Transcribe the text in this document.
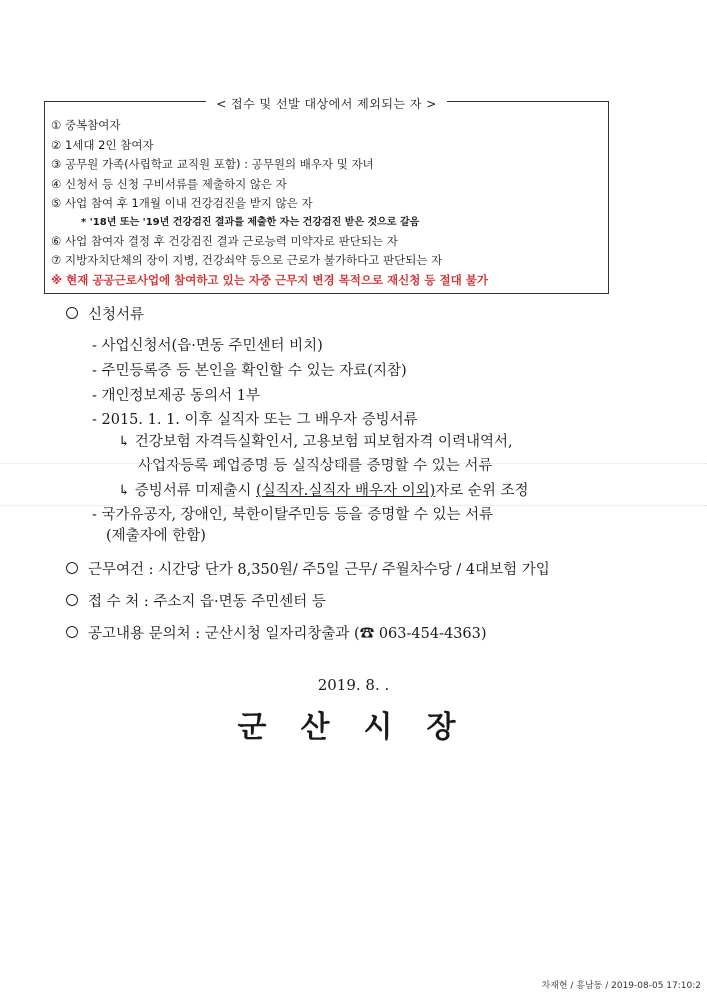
< 접수 및 선발 대상에서 제외되는 자 >
① 중복참여자
② 1세대 2인 참여자
③ 공무원 가족(사립학교 교직원 포함) : 공무원의 배우자 및 자녀
④ 신청서 등 신청 구비서류를 제출하지 않은 자
⑤ 사업 참여 후 1개월 이내 건강검진을 받지 않은 자
* '18년 또는 '19년 건강검진 결과를 제출한 자는 건강검진 받은 것으로 갈음
⑥ 사업 참여자 결정 후 건강검진 결과 근로능력 미약자로 판단되는 자
⑦ 지방자치단체의 장이 지병, 건강쇠약 등으로 근로가 불가하다고 판단되는 자
※ 현재 공공근로사업에 참여하고 있는 자중 근무지 변경 목적으로 재신청 등 절대 불가
신청서류
- 사업신청서(읍·면동 주민센터 비치)
- 주민등록증 등 본인을 확인할 수 있는 자료(지참)
- 개인정보제공 동의서 1부
- 2015. 1. 1. 이후 실직자 또는 그 배우자 증빙서류
↳ 건강보험 자격득실확인서, 고용보험 피보험자격 이력내역서,
사업자등록 폐업증명 등 실직상태를 증명할 수 있는 서류
↳ 증빙서류 미제출시 (실직자.실직자 배우자 이외)자로 순위 조정
- 국가유공자, 장애인, 북한이탈주민등 등을 증명할 수 있는 서류
(제출자에 한함)
근무여건 : 시간당 단가 8,350원/ 주5일 근무/ 주월차수당 / 4대보험 가입
접 수 처 : 주소지 읍·면동 주민센터 등
공고내용 문의처 : 군산시청 일자리창출과 (☎ 063-454-4363)
2019. 8. .
군산시장
차재현 / 흥남동 / 2019-08-05 17:10:2
